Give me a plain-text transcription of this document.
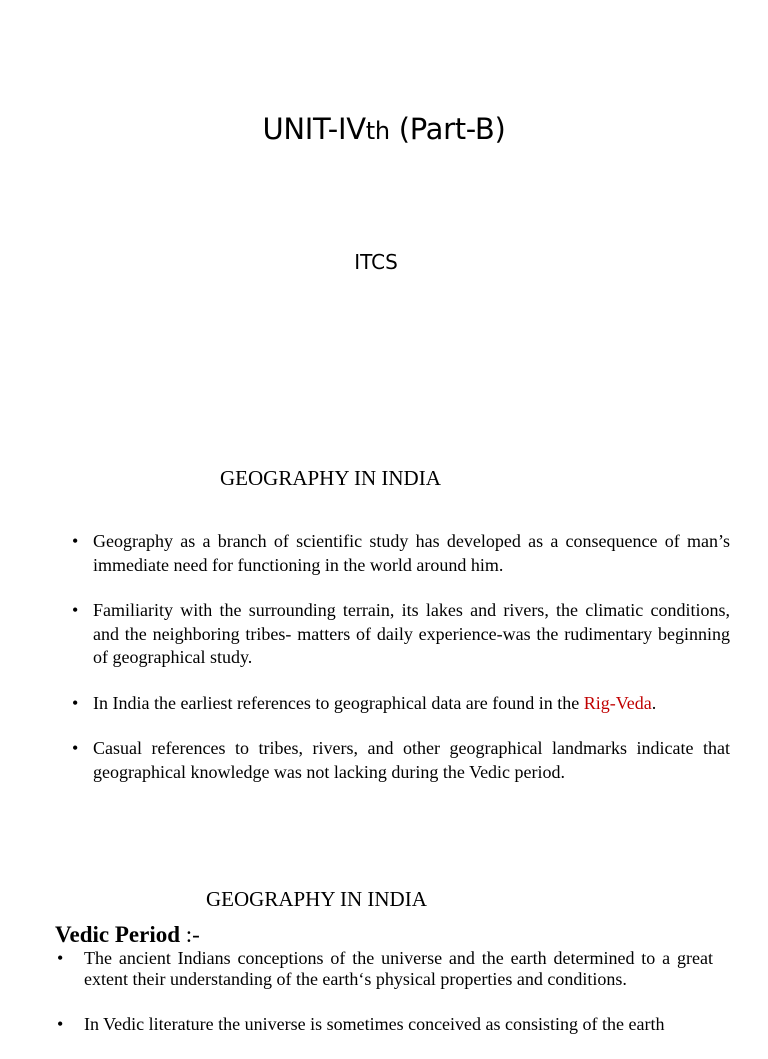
UNIT-IVth (Part-B)

ITCS

GEOGRAPHY IN INDIA
• Geography as a branch of scientific study has developed as a consequence of man’s immediate need for functioning in the world around him.
• Familiarity with the surrounding terrain, its lakes and rivers, the climatic conditions, and the neighboring tribes- matters of daily experience-was the rudimentary beginning of geographical study.
• In India the earliest references to geographical data are found in the Rig-Veda.
• Casual references to tribes, rivers, and other geographical landmarks indicate that geographical knowledge was not lacking during the Vedic period.
GEOGRAPHY IN INDIA
Vedic Period :-
• The ancient Indians conceptions of the universe and the earth determined to a great extent their understanding of the earth‘s physical properties and conditions.
• In Vedic literature the universe is sometimes conceived as consisting of the earth
